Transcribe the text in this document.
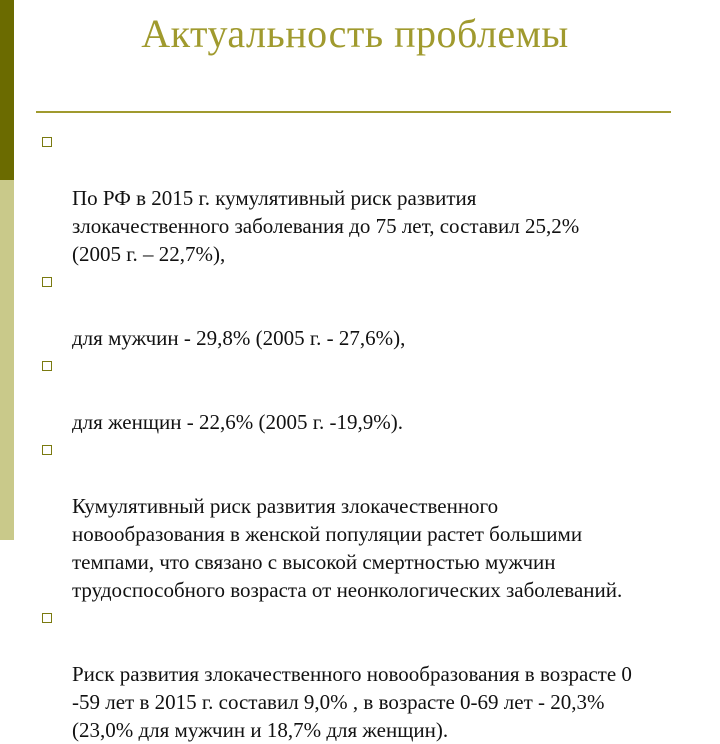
Актуальность проблемы

По РФ в 2015 г. кумулятивный риск развития
злокачественного заболевания до 75 лет, составил 25,2%
(2005 г. – 22,7%),

для мужчин - 29,8% (2005 г. - 27,6%),

для женщин - 22,6% (2005 г. -19,9%).

Кумулятивный риск развития злокачественного
новообразования в женской популяции растет большими
темпами, что связано с высокой смертностью мужчин
трудоспособного возраста от неонкологических заболеваний.

Риск развития злокачественного новообразования в возрасте 0
-59 лет в 2015 г. составил 9,0% , в возрасте 0-69 лет - 20,3%
(23,0% для мужчин и 18,7% для женщин).
